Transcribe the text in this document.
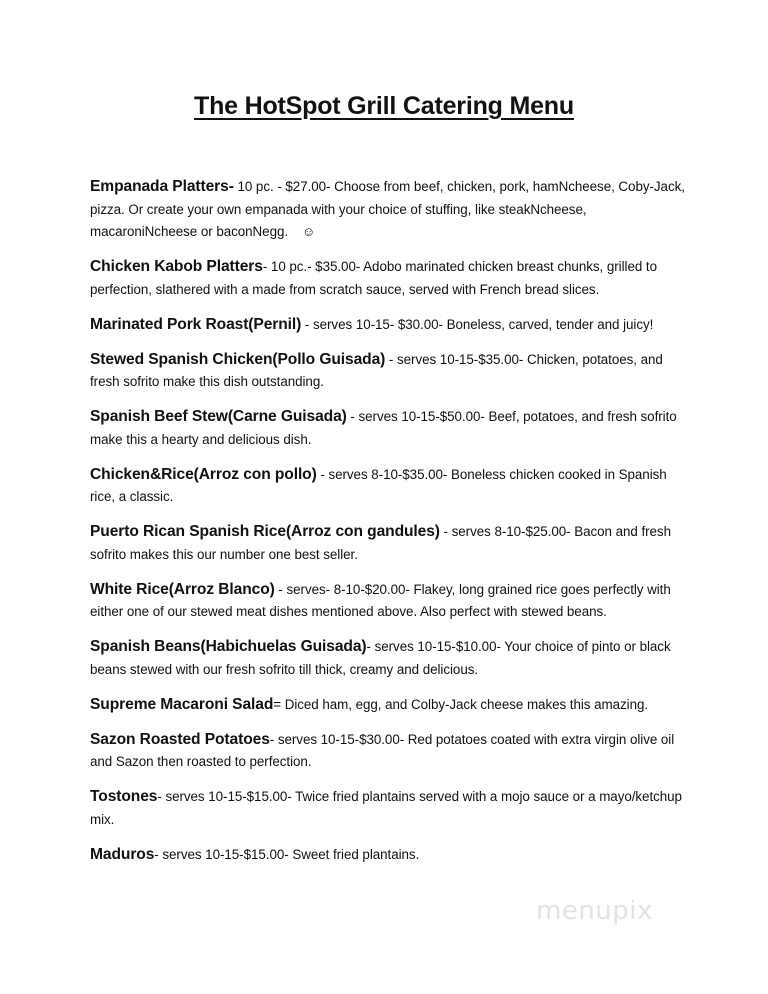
The HotSpot Grill Catering Menu
Empanada Platters- 10 pc. - $27.00- Choose from beef, chicken, pork, hamNcheese, Coby-Jack, pizza. Or create your own empanada with your choice of stuffing, like steakNcheese, macaroniNcheese or baconNegg. ☺
Chicken Kabob Platters- 10 pc.- $35.00- Adobo marinated chicken breast chunks, grilled to perfection, slathered with a made from scratch sauce, served with French bread slices.
Marinated Pork Roast(Pernil) - serves 10-15- $30.00- Boneless, carved, tender and juicy!
Stewed Spanish Chicken(Pollo Guisada) - serves 10-15-$35.00- Chicken, potatoes, and fresh sofrito make this dish outstanding.
Spanish Beef Stew(Carne Guisada) - serves 10-15-$50.00- Beef, potatoes, and fresh sofrito make this a hearty and delicious dish.
Chicken&Rice(Arroz con pollo) - serves 8-10-$35.00- Boneless chicken cooked in Spanish rice, a classic.
Puerto Rican Spanish Rice(Arroz con gandules) - serves 8-10-$25.00- Bacon and fresh sofrito makes this our number one best seller.
White Rice(Arroz Blanco) - serves- 8-10-$20.00- Flakey, long grained rice goes perfectly with either one of our stewed meat dishes mentioned above. Also perfect with stewed beans.
Spanish Beans(Habichuelas Guisada)- serves 10-15-$10.00- Your choice of pinto or black beans stewed with our fresh sofrito till thick, creamy and delicious.
Supreme Macaroni Salad= Diced ham, egg, and Colby-Jack cheese makes this amazing.
Sazon Roasted Potatoes- serves 10-15-$30.00- Red potatoes coated with extra virgin olive oil and Sazon then roasted to perfection.
Tostones- serves 10-15-$15.00- Twice fried plantains served with a mojo sauce or a mayo/ketchup mix.
Maduros- serves 10-15-$15.00- Sweet fried plantains.
menupix
